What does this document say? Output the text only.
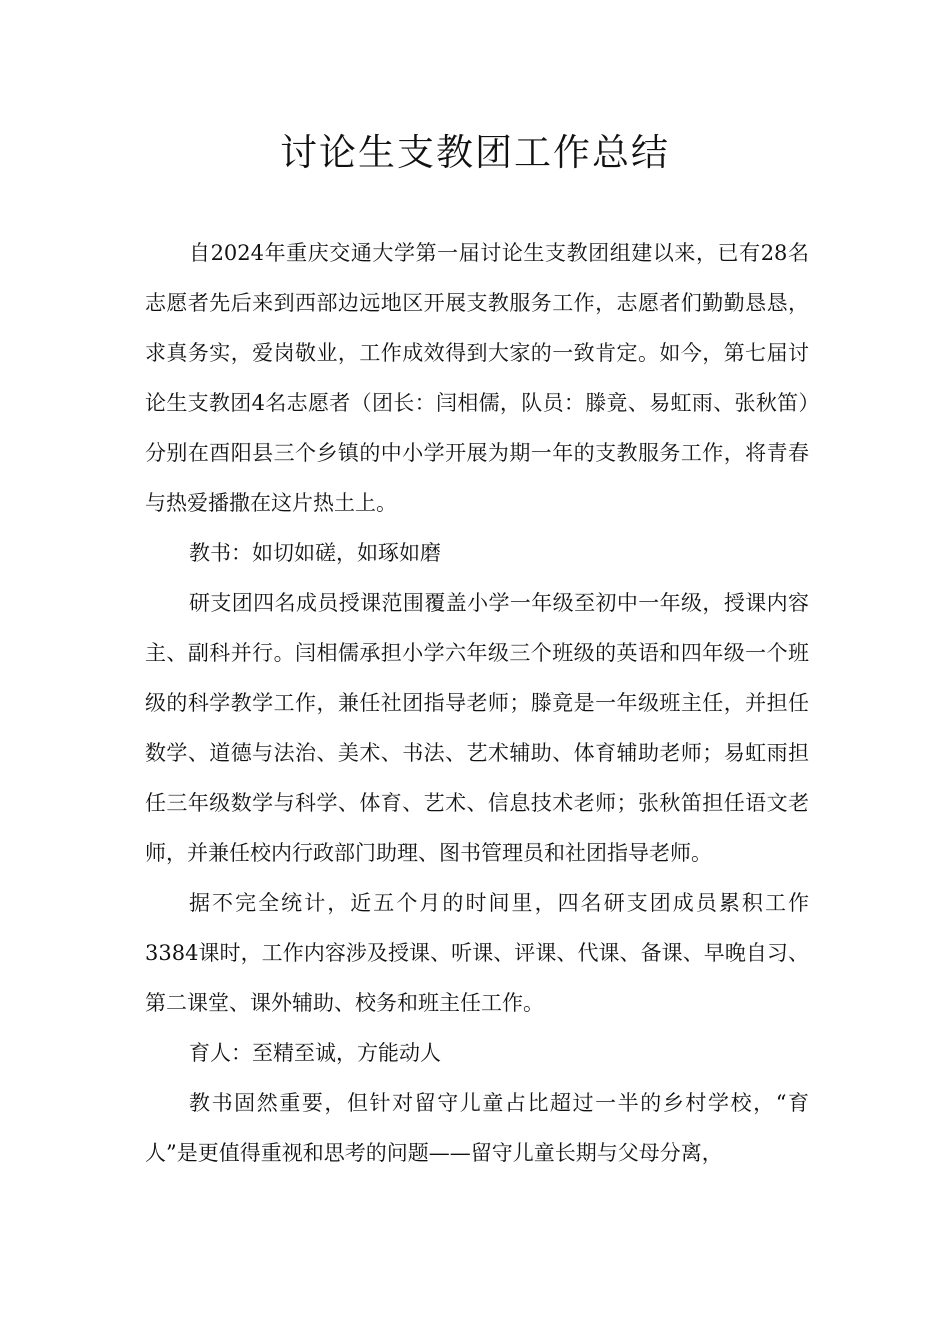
讨论生支教团工作总结

自2024年重庆交通大学第一届讨论生支教团组建以来，已有28名志愿者先后来到西部边远地区开展支教服务工作，志愿者们勤勤恳恳，求真务实，爱岗敬业，工作成效得到大家的一致肯定。如今，第七届讨论生支教团4名志愿者（团长：闫相儒，队员：滕竟、易虹雨、张秋笛）分别在酉阳县三个乡镇的中小学开展为期一年的支教服务工作，将青春与热爱播撒在这片热土上。

教书：如切如磋，如琢如磨

研支团四名成员授课范围覆盖小学一年级至初中一年级，授课内容主、副科并行。闫相儒承担小学六年级三个班级的英语和四年级一个班级的科学教学工作，兼任社团指导老师；滕竟是一年级班主任，并担任数学、道德与法治、美术、书法、艺术辅助、体育辅助老师；易虹雨担任三年级数学与科学、体育、艺术、信息技术老师；张秋笛担任语文老师，并兼任校内行政部门助理、图书管理员和社团指导老师。

据不完全统计，近五个月的时间里，四名研支团成员累积工作3384课时，工作内容涉及授课、听课、评课、代课、备课、早晚自习、第二课堂、课外辅助、校务和班主任工作。

育人：至精至诚，方能动人

教书固然重要，但针对留守儿童占比超过一半的乡村学校，“育人”是更值得重视和思考的问题——留守儿童长期与父母分离，
